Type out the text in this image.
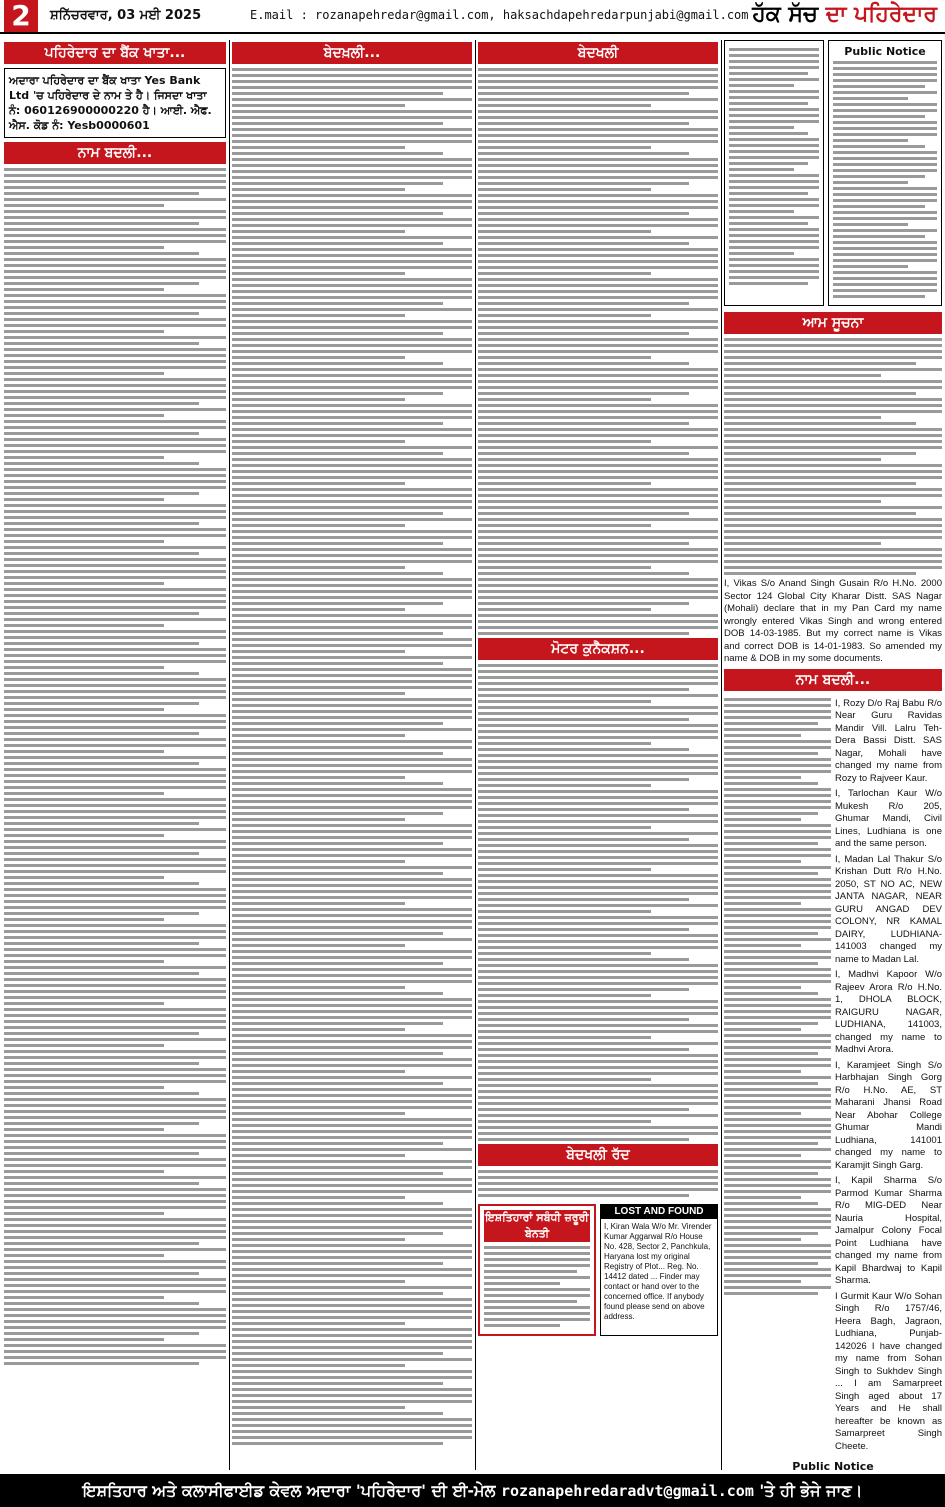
2	ਸ਼ਨਿੱਚਰਵਾਰ, 03 ਮਈ 2025	E.mail : rozanapehredar@gmail.com, haksachdapehredarpunjabi@gmail.com ਹੱਕ ਸੱਚ ਦਾ ਪਹਿਰੇਦਾਰ
ਪਹਿਰੇਦਾਰ ਦਾ ਬੈਂਕ ਖਾਤਾ...
ਅਦਾਰਾ ਪਹਿਰੇਦਾਰ ਦਾ ਬੈਂਕ ਖਾਤਾ Yes Bank Ltd 'ਚ ਪਹਿਰੇਦਾਰ ਦੇ ਨਾਮ ਤੇ ਹੈ। ਜਿਸਦਾ ਖਾਤਾ ਨੰ: 060126900000220 ਹੈ। ਆਈ. ਐਫ. ਐਸ. ਕੋਡ ਨੰ: Yesb0000601
ਨਾਮ ਬਦਲੀ...
ਬੇਦਖ਼ਲੀ...	ਬੇਦਖਲੀ
ਮੋਟਰ ਕੁਨੈਕਸ਼ਨ...
ਬੇਦਖਲੀ ਰੱਦ
ਇਸ਼ਤਿਹਾਰਾਂ ਸਬੰਧੀ ਜ਼ਰੂਰੀ ਬੇਨਤੀ
LOST AND FOUND
I, Kiran Wala W/o Mr. Virender Kumar Aggarwal R/o House No. 428, Sector 2, Panchkula, Haryana lost my original Registry of Plot... Reg. No. 14412 dated ... Finder may contact or hand over to the concerned office. If anybody found please send on above address.
Public Notice
ਆਮ ਸੂਚਨਾ
I, Vikas S/o Anand Singh Gusain R/o H.No. 2000 Sector 124 Global City Kharar Distt. SAS Nagar (Mohali) declare that in my Pan Card my name wrongly entered Vikas Singh and wrong entered DOB 14-03-1985. But my correct name is Vikas and correct DOB is 14-01-1983. So amended my name & DOB in my some documents.
ਨਾਮ ਬਦਲੀ...
I, Rozy D/o Raj Babu R/o Near Guru Ravidas Mandir Vill. Lalru Teh-Dera Bassi Distt. SAS Nagar, Mohali have changed my name from Rozy to Rajveer Kaur.
I, Tarlochan Kaur W/o Mukesh R/o 205, Ghumar Mandi, Civil Lines, Ludhiana is one and the same person.
I, Madan Lal Thakur S/o Krishan Dutt R/o H.No. 2050, ST NO AC, NEW JANTA NAGAR, NEAR GURU ANGAD DEV COLONY, NR KAMAL DAIRY, LUDHIANA-141003 changed my name to Madan Lal.
I, Madhvi Kapoor W/o Rajeev Arora R/o H.No. 1, DHOLA BLOCK, RAIGURU NAGAR, LUDHIANA, 141003, changed my name to Madhvi Arora.
I, Karamjeet Singh S/o Harbhajan Singh Gorg R/o H.No. AE, ST Maharani Jhansi Road Near Abohar College Ghumar Mandi Ludhiana, 141001 changed my name to Karamjit Singh Garg.
I, Kapil Sharma S/o Parmod Kumar Sharma R/o MIG-DED Near Nauria Hospital, Jamalpur Colony Focal Point Ludhiana have changed my name from Kapil Bhardwaj to Kapil Sharma.
I Gurmit Kaur W/o Sohan Singh R/o 1757/46, Heera Bagh, Jagraon, Ludhiana, Punjab-142026 I have changed my name from Sohan Singh to Sukhdev Singh ... I am Samarpreet Singh aged about 17 Years and He shall hereafter be known as Samarpreet Singh Cheete.
Public Notice
ਇਸ਼ਤਿਹਾਰ ਅਤੇ ਕਲਾਸੀਫਾਈਡ ਕੇਵਲ ਅਦਾਰਾ 'ਪਹਿਰੇਦਾਰ' ਦੀ ਈ-ਮੇਲ rozanapehredaradvt@gmail.com 'ਤੇ ਹੀ ਭੇਜੇ ਜਾਣ।
